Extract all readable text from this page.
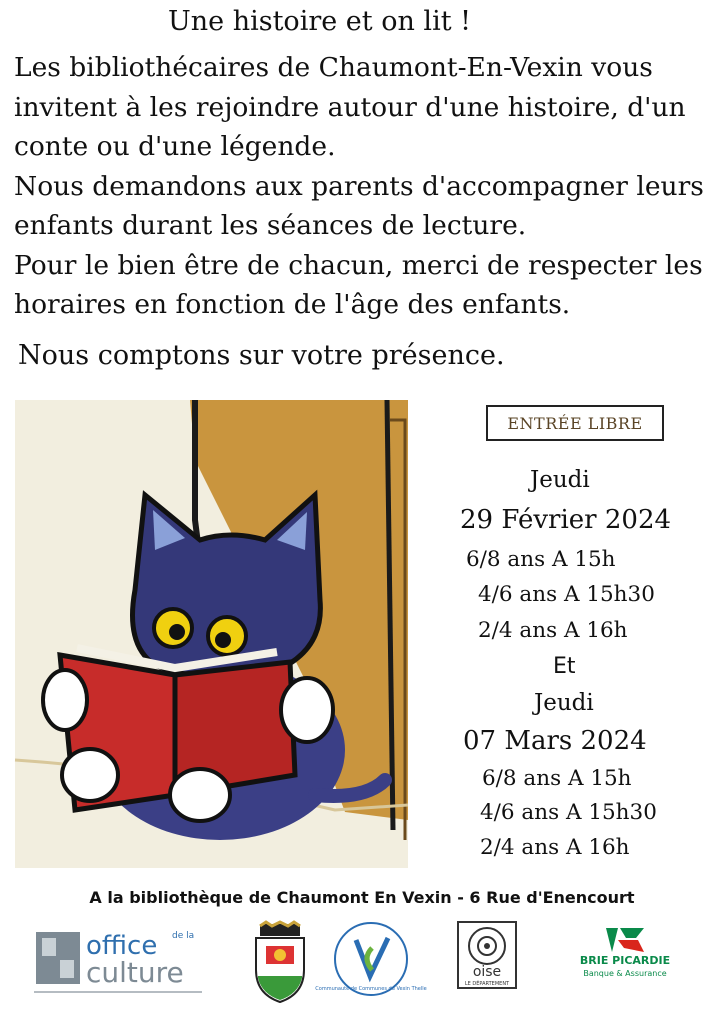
Une histoire et on lit !

Les bibliothécaires de Chaumont-En-Vexin vous invitent à les rejoindre autour d'une histoire, d'un conte ou d'une légende.

Nous demandons aux parents d'accompagner leurs enfants durant les séances de lecture.

Pour le bien être de chacun, merci de respecter les horaires en fonction de l'âge des enfants.

Nous comptons sur votre présence.
ENTRÉE LIBRE
Jeudi
29 Février 2024
6/8 ans A 15h
4/6 ans A 15h30
2/4 ans A 16h
Et
Jeudi
07 Mars 2024
6/8 ans A 15h
4/6 ans A 15h30
2/4 ans A 16h
A la bibliothèque de Chaumont En Vexin - 6 Rue d'Enencourt
office de la
culture	Communauté de Communes du Vexin Thelle
oise
LE DÉPARTEMENT
BRIE PICARDIE
Banque & Assurance
